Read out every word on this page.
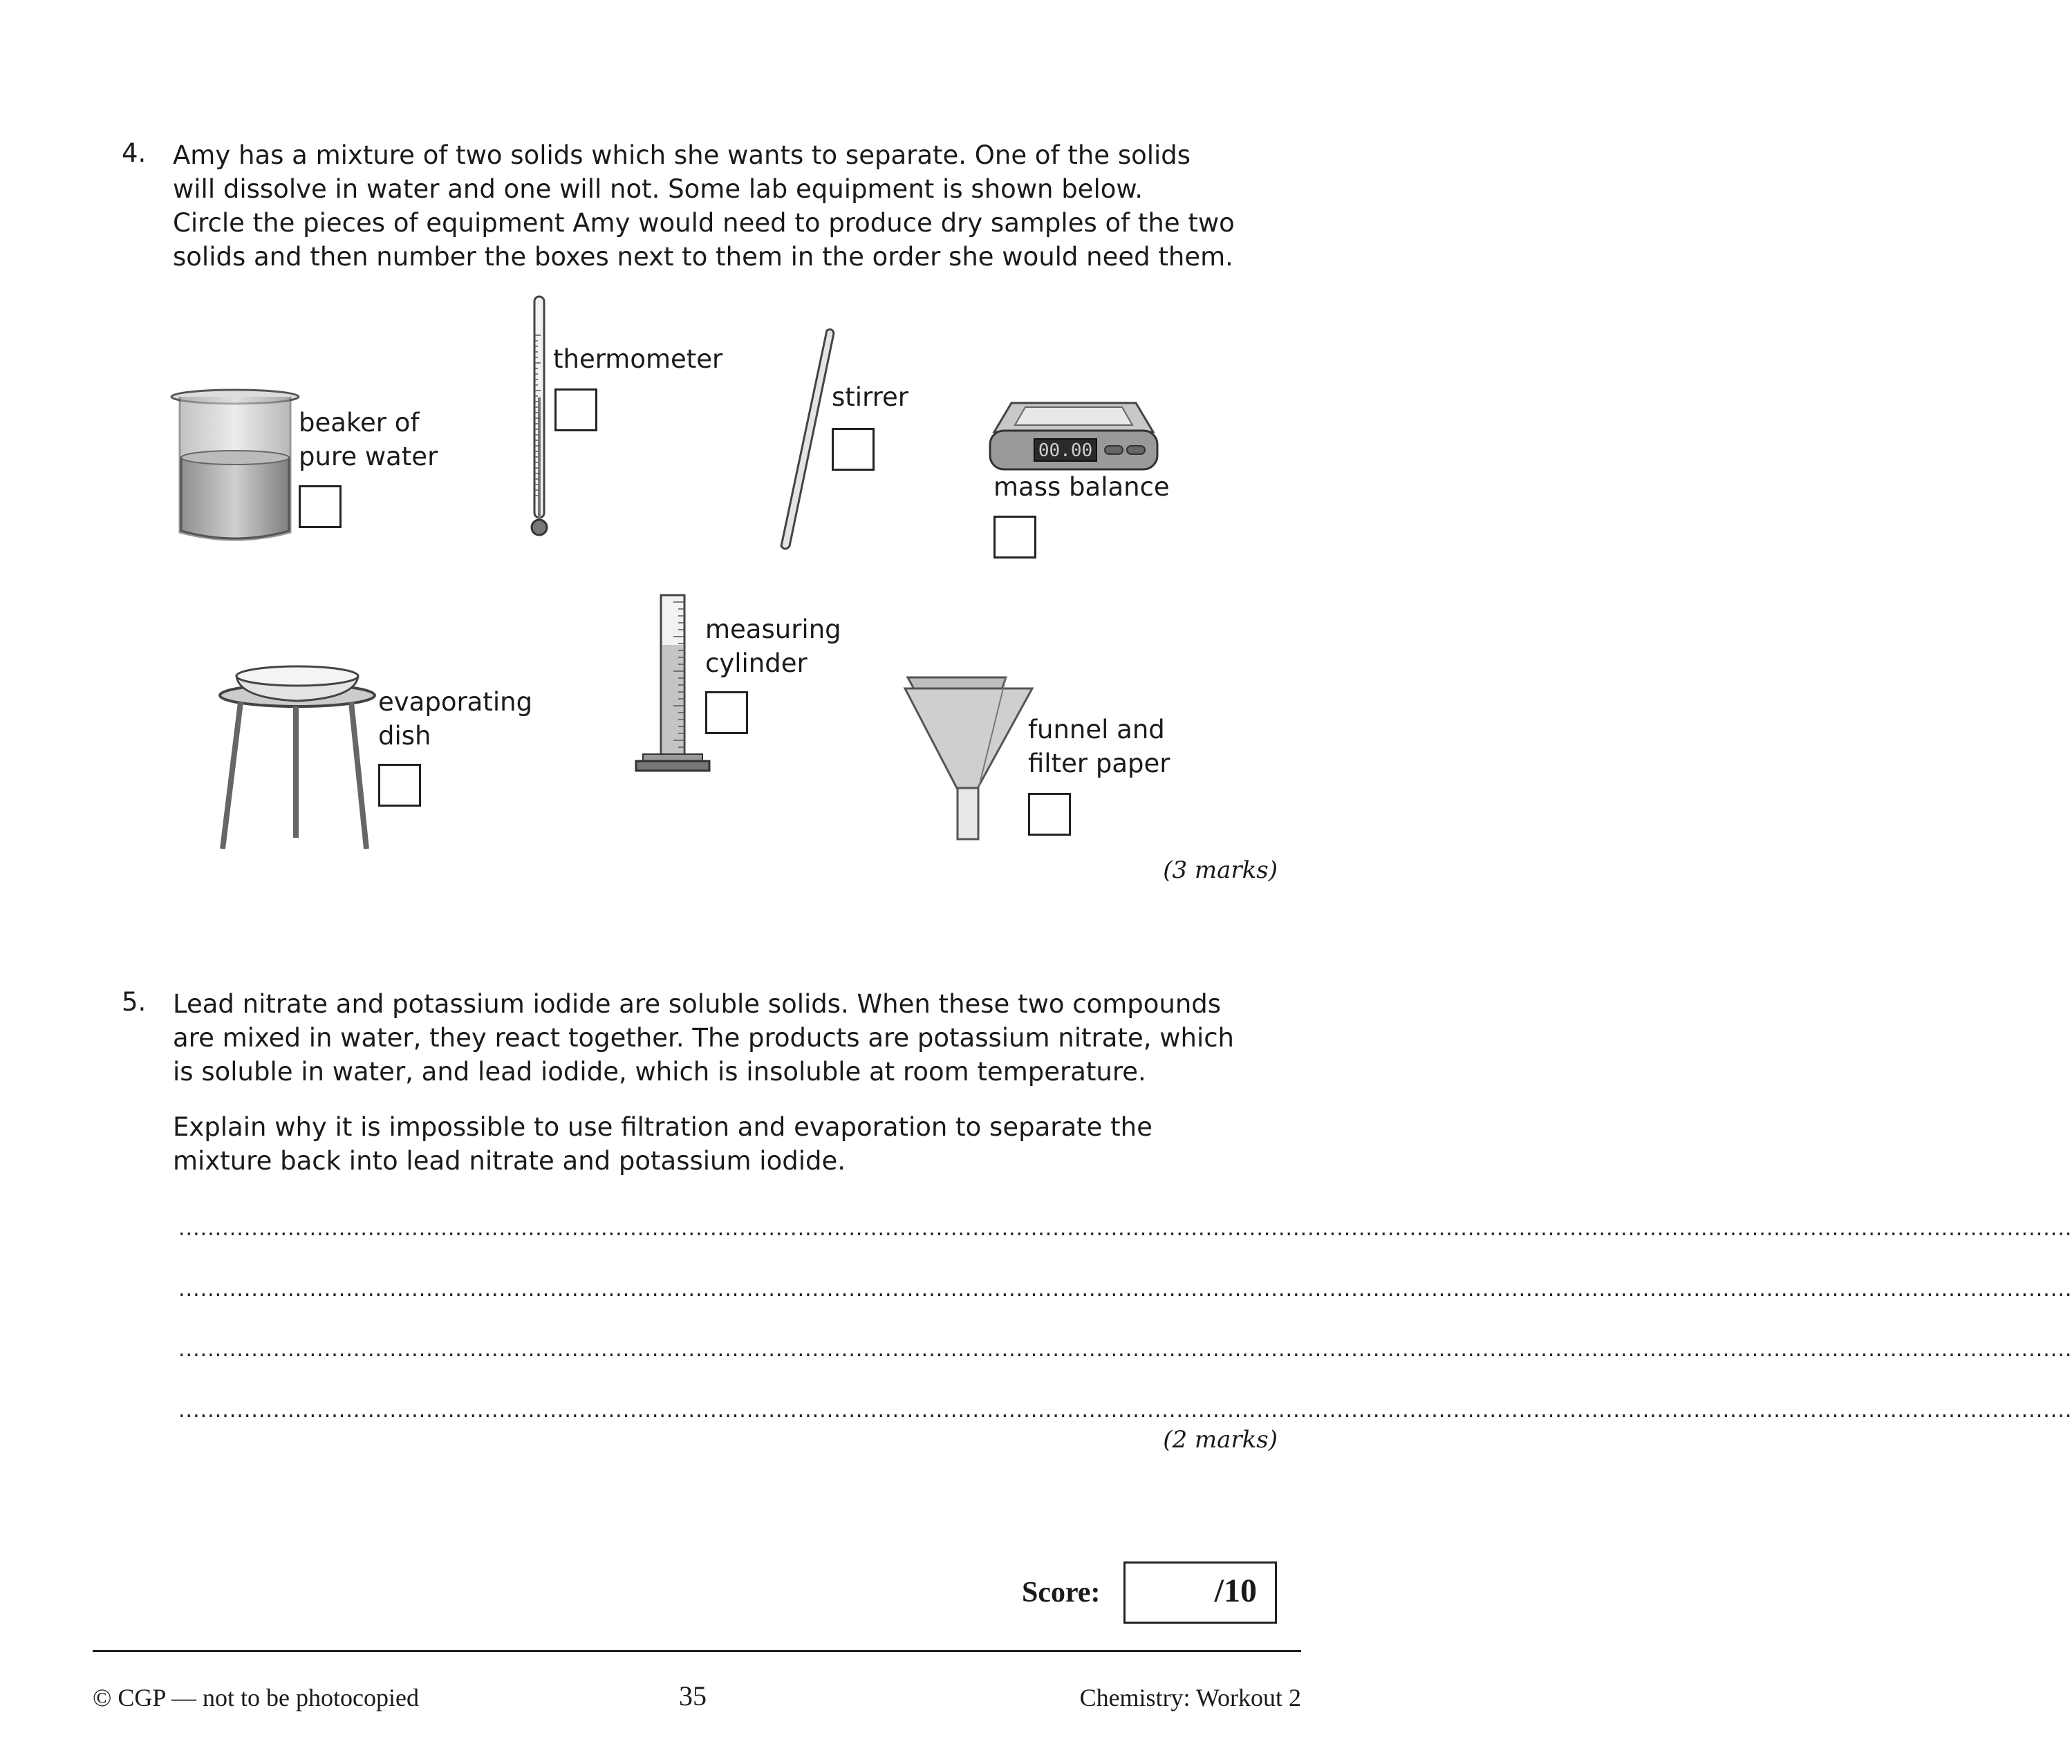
4. Amy has a mixture of two solids which she wants to separate. One of the solids
will dissolve in water and one will not. Some lab equipment is shown below.
Circle the pieces of equipment Amy would need to produce dry samples of the two
solids and then number the boxes next to them in the order she would need them.
beaker of
pure water
thermometer
stirrer
00.00
mass balance
evaporating
dish
measuring
cylinder
funnel and
filter paper
(3 marks)
5. Lead nitrate and potassium iodide are soluble solids. When these two compounds
are mixed in water, they react together. The products are potassium nitrate, which
is soluble in water, and lead iodide, which is insoluble at room temperature.
Explain why it is impossible to use filtration and evaporation to separate the
mixture back into lead nitrate and potassium iodide.
....................................................................................................................................................................................................................................................................
....................................................................................................................................................................................................................................................................
....................................................................................................................................................................................................................................................................
....................................................................................................................................................................................................................................................................
(2 marks)
Score:	/10
© CGP — not to be photocopied	35	Chemistry: Workout 2
